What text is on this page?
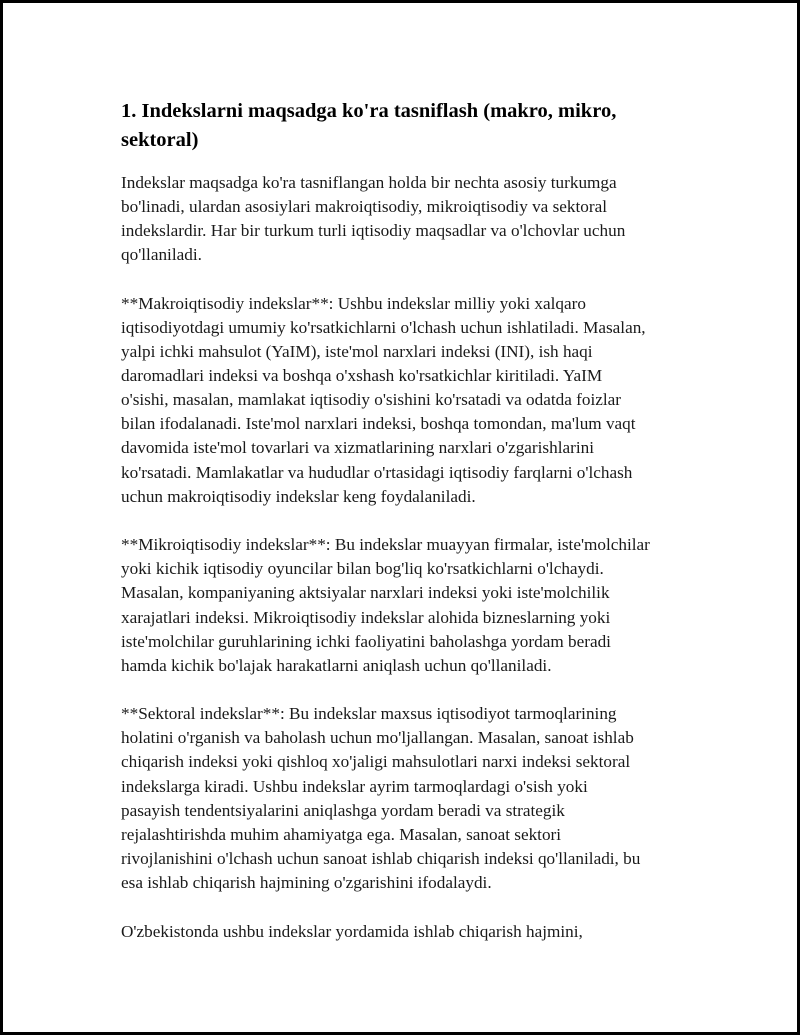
1. Indekslarni maqsadga ko'ra tasniflash (makro, mikro,
sektoral)

Indekslar maqsadga ko'ra tasniflangan holda bir nechta asosiy turkumga
bo'linadi, ulardan asosiylari makroiqtisodiy, mikroiqtisodiy va sektoral
indekslardir. Har bir turkum turli iqtisodiy maqsadlar va o'lchovlar uchun
qo'llaniladi.

**Makroiqtisodiy indekslar**: Ushbu indekslar milliy yoki xalqaro
iqtisodiyotdagi umumiy ko'rsatkichlarni o'lchash uchun ishlatiladi. Masalan,
yalpi ichki mahsulot (YaIM), iste'mol narxlari indeksi (INI), ish haqi
daromadlari indeksi va boshqa o'xshash ko'rsatkichlar kiritiladi. YaIM
o'sishi, masalan, mamlakat iqtisodiy o'sishini ko'rsatadi va odatda foizlar
bilan ifodalanadi. Iste'mol narxlari indeksi, boshqa tomondan, ma'lum vaqt
davomida iste'mol tovarlari va xizmatlarining narxlari o'zgarishlarini
ko'rsatadi. Mamlakatlar va hududlar o'rtasidagi iqtisodiy farqlarni o'lchash
uchun makroiqtisodiy indekslar keng foydalaniladi.

**Mikroiqtisodiy indekslar**: Bu indekslar muayyan firmalar, iste'molchilar
yoki kichik iqtisodiy oyuncilar bilan bog'liq ko'rsatkichlarni o'lchaydi.
Masalan, kompaniyaning aktsiyalar narxlari indeksi yoki iste'molchilik
xarajatlari indeksi. Mikroiqtisodiy indekslar alohida bizneslarning yoki
iste'molchilar guruhlarining ichki faoliyatini baholashga yordam beradi
hamda kichik bo'lajak harakatlarni aniqlash uchun qo'llaniladi.

**Sektoral indekslar**: Bu indekslar maxsus iqtisodiyot tarmoqlarining
holatini o'rganish va baholash uchun mo'ljallangan. Masalan, sanoat ishlab
chiqarish indeksi yoki qishloq xo'jaligi mahsulotlari narxi indeksi sektoral
indekslarga kiradi. Ushbu indekslar ayrim tarmoqlardagi o'sish yoki
pasayish tendentsiyalarini aniqlashga yordam beradi va strategik
rejalashtirishda muhim ahamiyatga ega. Masalan, sanoat sektori
rivojlanishini o'lchash uchun sanoat ishlab chiqarish indeksi qo'llaniladi, bu
esa ishlab chiqarish hajmining o'zgarishini ifodalaydi.

O'zbekistonda ushbu indekslar yordamida ishlab chiqarish hajmini,
